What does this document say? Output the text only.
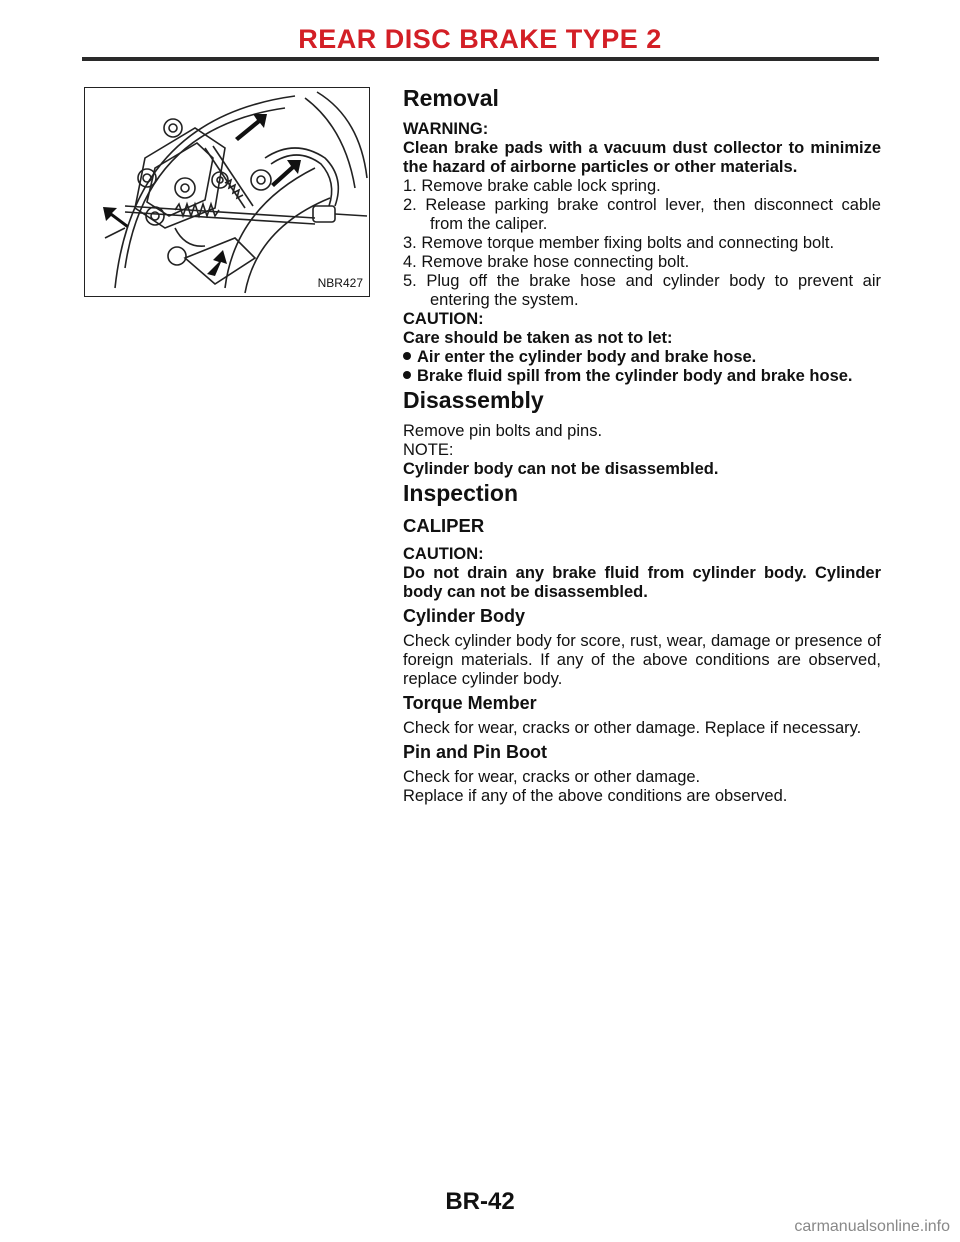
REAR DISC BRAKE TYPE 2
NBR427
Removal

WARNING:

Clean brake pads with a vacuum dust collector to minimize the hazard of airborne particles or other materials.

1. Remove brake cable lock spring.
2. Release parking brake control lever, then disconnect cable from the caliper.
3. Remove torque member fixing bolts and connecting bolt.
4. Remove brake hose connecting bolt.
5. Plug off the brake hose and cylinder body to prevent air entering the system.

CAUTION:

Care should be taken as not to let:

Air enter the cylinder body and brake hose.
Brake fluid spill from the cylinder body and brake hose.
Disassembly

Remove pin bolts and pins.

NOTE:

Cylinder body can not be disassembled.

Inspection
CALIPER

CAUTION:

Do not drain any brake fluid from cylinder body. Cylinder body can not be disassembled.

Cylinder Body

Check cylinder body for score, rust, wear, damage or presence of foreign materials. If any of the above conditions are observed, replace cylinder body.

Torque Member

Check for wear, cracks or other damage. Replace if necessary.

Pin and Pin Boot

Check for wear, cracks or other damage.

Replace if any of the above conditions are observed.

BR-42
carmanualsonline.info
